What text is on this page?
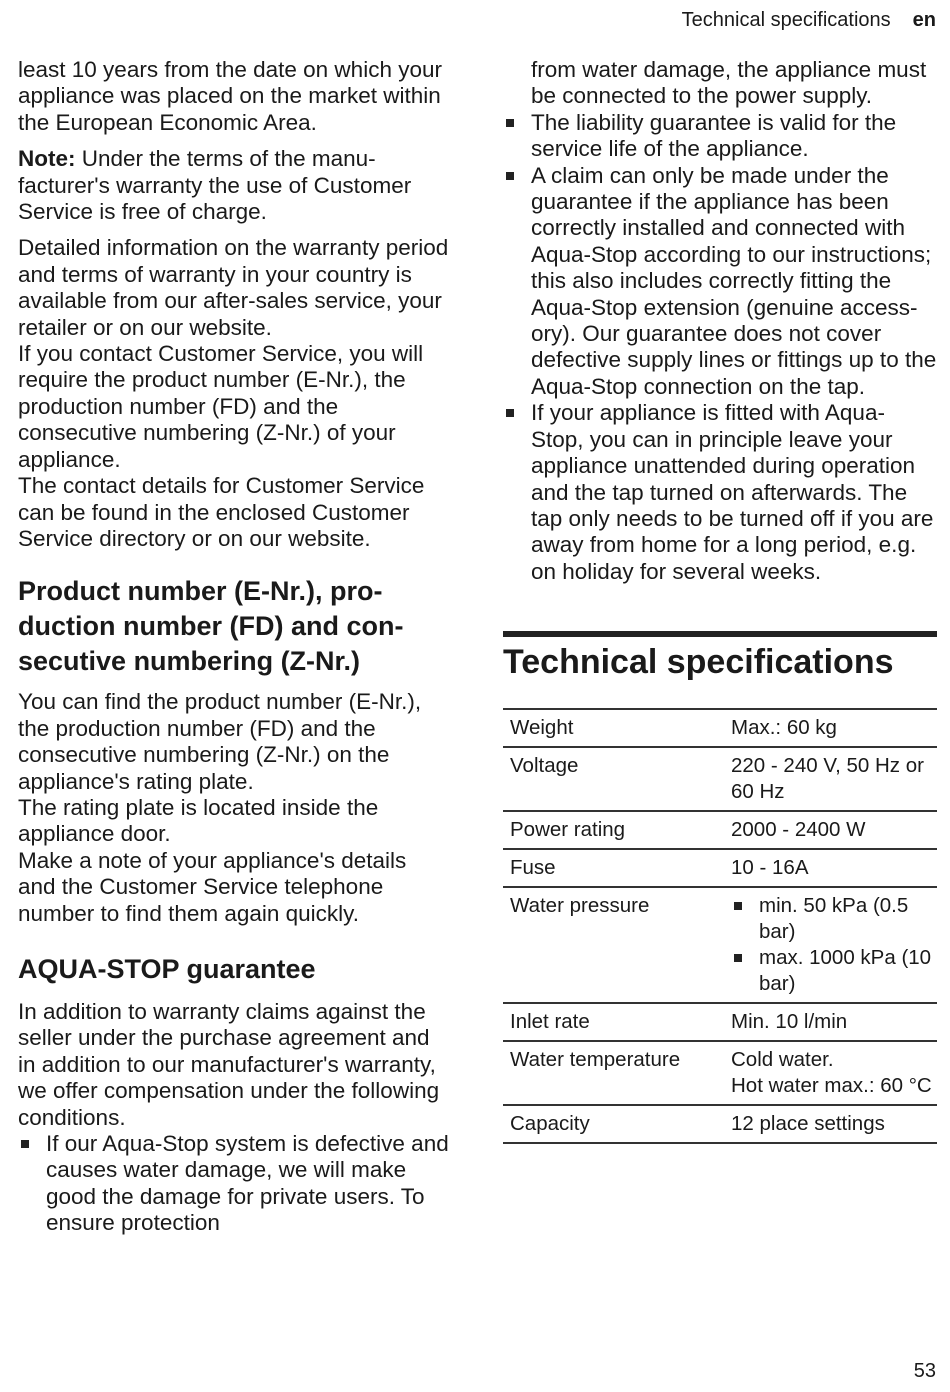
Technical specifications en

least 10 years from the date on which your appliance was placed on the market within the European Economic Area.

Note: Under the terms of the manufacturer's warranty the use of Customer Service is free of charge.

Detailed information on the warranty period and terms of warranty in your country is available from our after-sales service, your retailer or on our website.

If you contact Customer Service, you will require the product number (E-Nr.), the production number (FD) and the consecutive numbering (Z-Nr.) of your appliance.

The contact details for Customer Service can be found in the enclosed Customer Service directory or on our website.

Product number (E-Nr.), production number (FD) and consecutive numbering (Z-Nr.)

You can find the product number (E-Nr.), the production number (FD) and the consecutive numbering (Z-Nr.) on the appliance's rating plate.

The rating plate is located inside the appliance door.

Make a note of your appliance's details and the Customer Service telephone number to find them again quickly.

AQUA-STOP guarantee

In addition to warranty claims against the seller under the purchase agreement and in addition to our manufacturer's warranty, we offer compensation under the following conditions.

If our Aqua-Stop system is defective and causes water damage, we will make good the damage for private users. To ensure protection

from water damage, the appliance must be connected to the power supply.

The liability guarantee is valid for the service life of the appliance.
A claim can only be made under the guarantee if the appliance has been correctly installed and connected with Aqua-Stop according to our instructions; this also includes correctly fitting the Aqua-Stop extension (genuine accessory). Our guarantee does not cover defective supply lines or fittings up to the Aqua-Stop connection on the tap.
If your appliance is fitted with Aqua-Stop, you can in principle leave your appliance unattended during operation and the tap turned on afterwards. The tap only needs to be turned off if you are away from home for a long period, e.g. on holiday for several weeks.
Technical specifications
Weight	Max.: 60 kg
Voltage	220 - 240 V, 50 Hz or 60 Hz
Power rating	2000 - 2400 W
Fuse	10 - 16A
Water pressure	min. 50 kPa (0.5 bar)
max. 1000 kPa (10 bar)

Inlet rate	Min. 10 l/min
Water temperature	Cold water.
Hot water max.: 60 °C

Capacity	12 place settings
53
